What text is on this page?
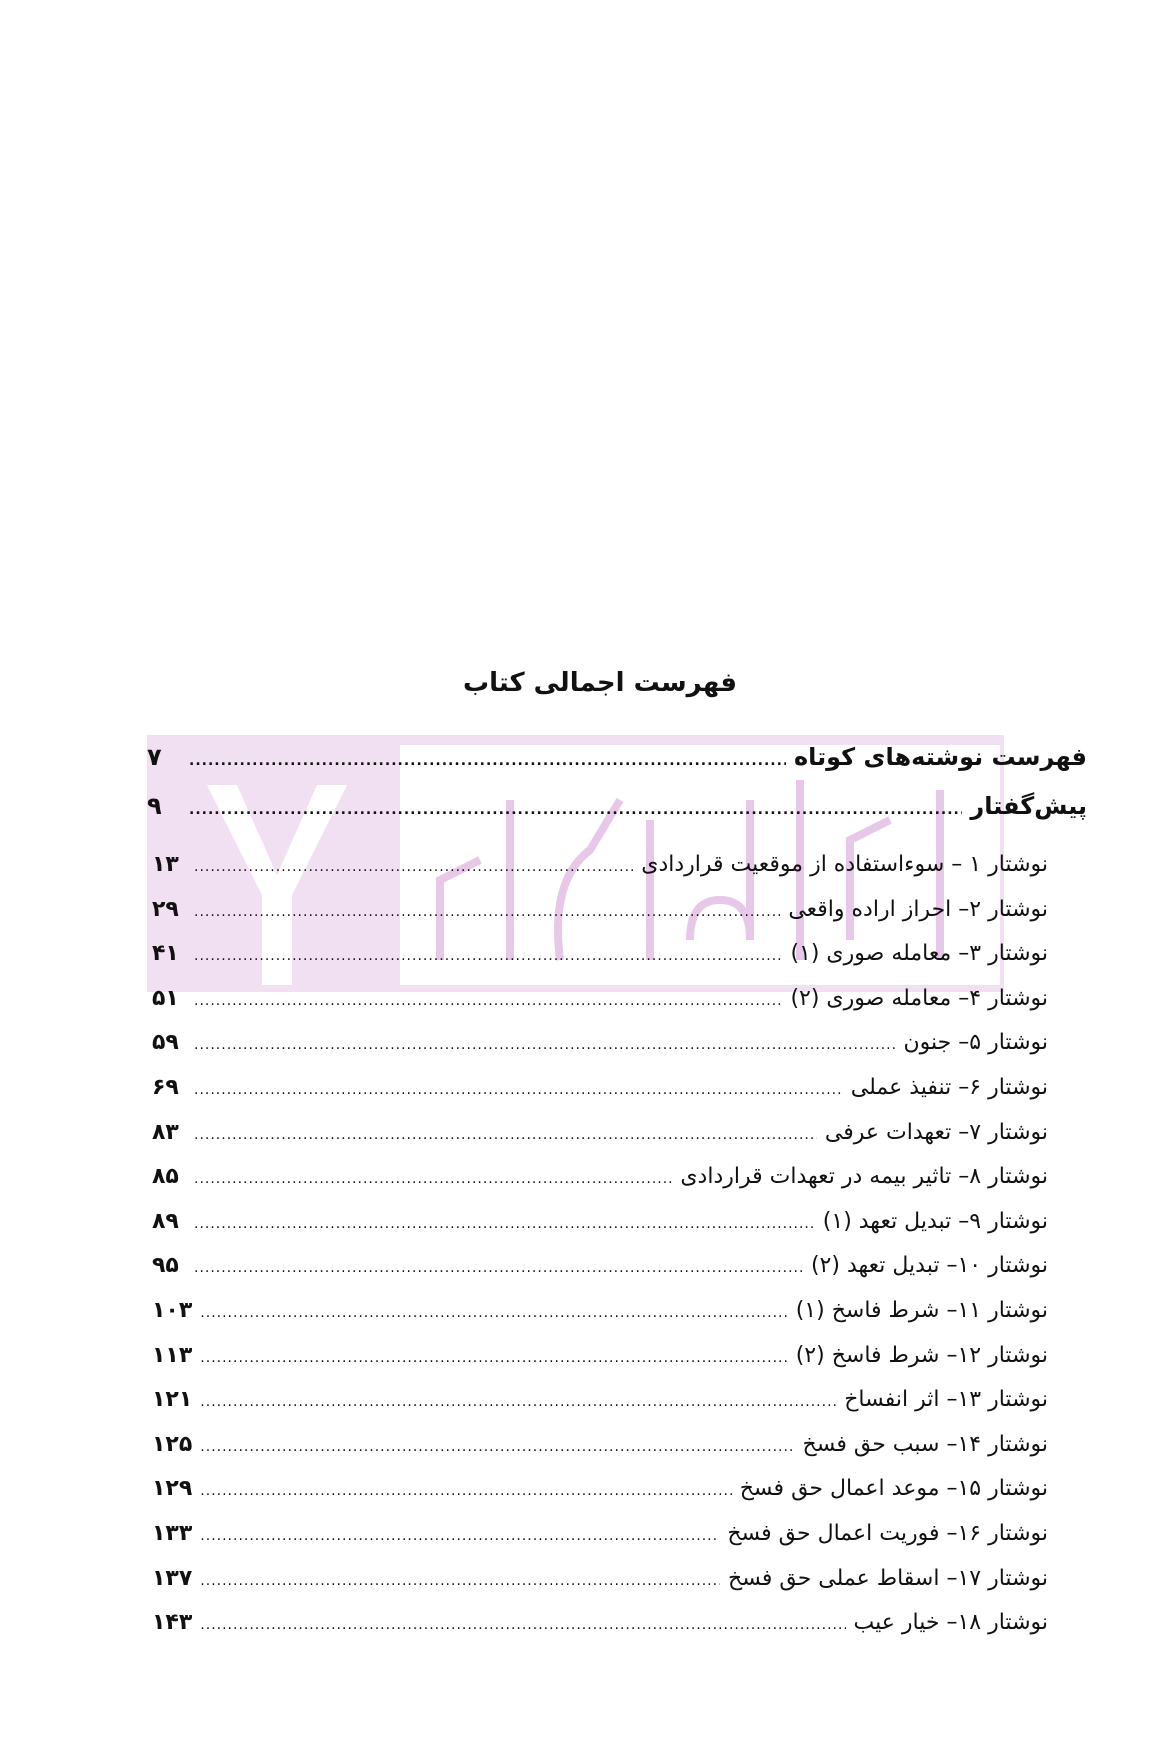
فهرست اجمالی کتاب
فهرست نوشته‌های کوتاه
.....
۷
پیش‌گفتار
.....
۹
نوشتار ۱ – سوءاستفاده از موقعیت قراردادی
.....
۱۳
نوشتار ۲– احراز اراده واقعی
.....
۲۹
نوشتار ۳– معامله صوری (۱)
.....
۴۱
نوشتار ۴– معامله صوری (۲)
.....
۵۱
نوشتار ۵– جنون
.....
۵۹
نوشتار ۶– تنفیذ عملی
.....
۶۹
نوشتار ۷– تعهدات عرفی
.....
۸۳
نوشتار ۸– تاثیر بیمه در تعهدات قراردادی
.....
۸۵
نوشتار ۹– تبدیل تعهد (۱)
.....
۸۹
نوشتار ۱۰– تبدیل تعهد (۲)
.....
۹۵
نوشتار ۱۱– شرط فاسخ (۱)
.....
۱۰۳
نوشتار ۱۲– شرط فاسخ (۲)
.....
۱۱۳
نوشتار ۱۳– اثر انفساخ
.....
۱۲۱
نوشتار ۱۴– سبب حق فسخ
.....
۱۲۵
نوشتار ۱۵– موعد اعمال حق فسخ
.....
۱۲۹
نوشتار ۱۶– فوریت اعمال حق فسخ
.....
۱۳۳
نوشتار ۱۷– اسقاط عملی حق فسخ
.....
۱۳۷
نوشتار ۱۸– خیار عیب
.....
۱۴۳
